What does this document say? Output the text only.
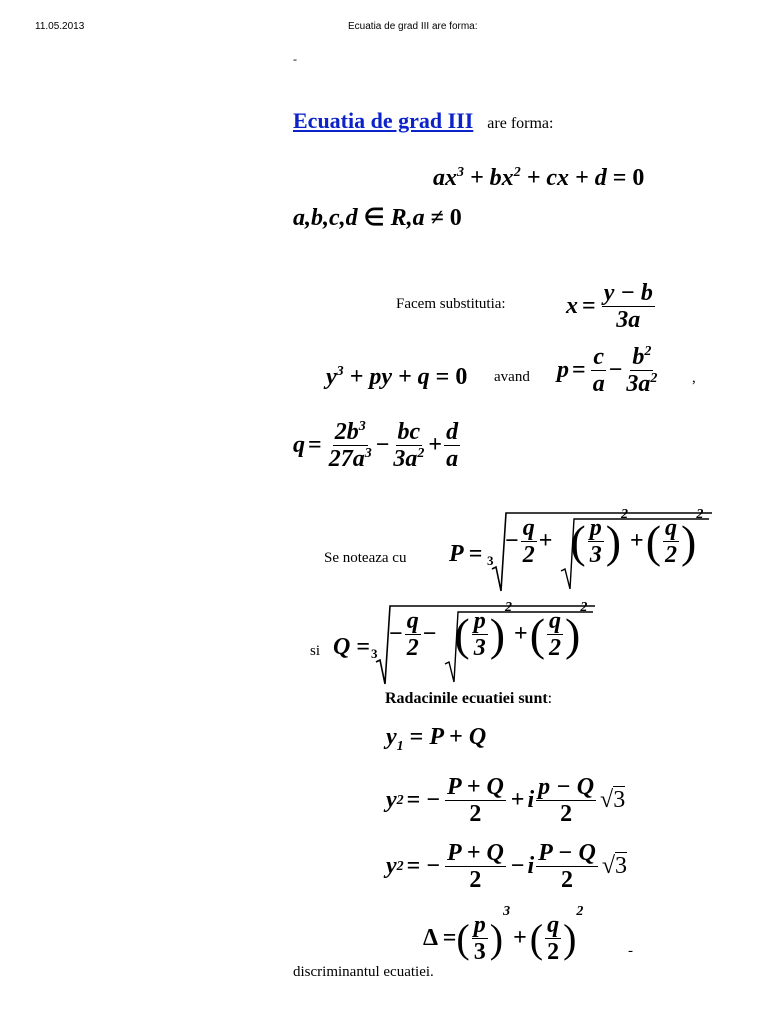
11.05.2013	Ecuatia de grad III are forma:
-
Ecuatia de grad III are forma:
$ax^3 + bx^2$ + cx + d = 0
a,b,c,d ∈ R,a ≠ 0
Facem substitutia:	$x = \frac{y - b}{3a}$
$y^3$ + py + q = 0 avand $p = \frac{c}{a} - \frac{b^2}{3a^2}$ ,
$q = \frac{2b^3}{27a^3} - \frac{bc}{3a^2} + \frac{d}{a}$
Se noteaza cu P = 3
− $\frac{q}{2}$ + ( $\frac{p}{3}$ )
2
+ ( $\frac{q}{2}$ )
2
si Q = 3
− $\frac{q}{2}$ − ( $\frac{p}{3}$ )
2
+ ( $\frac{q}{2}$ )
2
Radacinile ecuatiei sunt:
$y_1 = P + Q$
y 2 = − $\frac{P + Q}{2} + i \frac{p - Q}{2} √3$
y 2 = − $\frac{P + Q}{2} - i \frac{P - Q}{2} √3$
Δ = ( $\frac{p}{3}$ )
3
+ ( $\frac{q}{2}$ )
2
-
discriminantul ecuatiei.
